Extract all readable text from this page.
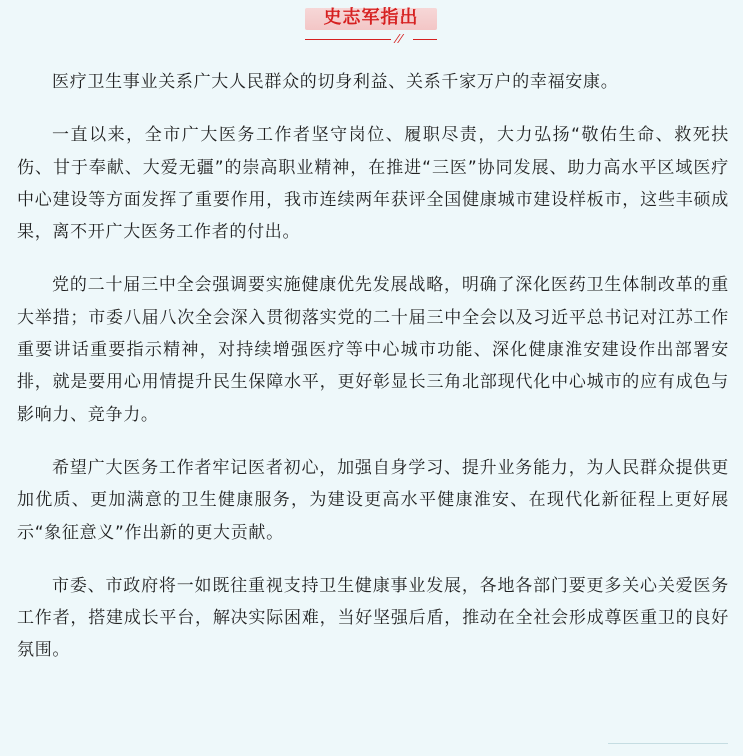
史志军指出
//

医疗卫生事业关系广大人民群众的切身利益、关系千家万户的幸福安康。

一直以来，全市广大医务工作者坚守岗位、履职尽责，大力弘扬“敬佑生命、救死扶伤、甘于奉献、大爱无疆”的崇高职业精神，在推进“三医”协同发展、助力高水平区域医疗中心建设等方面发挥了重要作用，我市连续两年获评全国健康城市建设样板市，这些丰硕成果，离不开广大医务工作者的付出。

党的二十届三中全会强调要实施健康优先发展战略，明确了深化医药卫生体制改革的重大举措；市委八届八次全会深入贯彻落实党的二十届三中全会以及习近平总书记对江苏工作重要讲话重要指示精神，对持续增强医疗等中心城市功能、深化健康淮安建设作出部署安排，就是要用心用情提升民生保障水平，更好彰显长三角北部现代化中心城市的应有成色与影响力、竞争力。

希望广大医务工作者牢记医者初心，加强自身学习、提升业务能力，为人民群众提供更加优质、更加满意的卫生健康服务，为建设更高水平健康淮安、在现代化新征程上更好展示“象征意义”作出新的更大贡献。

市委、市政府将一如既往重视支持卫生健康事业发展，各地各部门要更多关心关爱医务工作者，搭建成长平台，解决实际困难，当好坚强后盾，推动在全社会形成尊医重卫的良好氛围。
